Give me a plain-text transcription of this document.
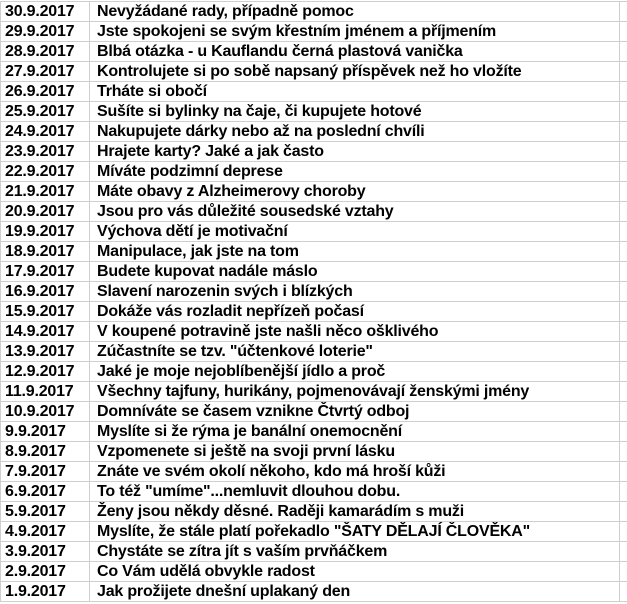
30.9.2017	Nevyžádané rady, případně pomoc
29.9.2017	Jste spokojeni se svým křestním jménem a příjmením
28.9.2017	Blbá otázka - u Kauflandu černá plastová vanička
27.9.2017	Kontrolujete si po sobě napsaný příspěvek než ho vložíte
26.9.2017	Trháte si obočí
25.9.2017	Sušíte si bylinky na čaje, či kupujete hotové
24.9.2017	Nakupujete dárky nebo až na poslední chvíli
23.9.2017	Hrajete karty? Jaké a jak často
22.9.2017	Míváte podzimní deprese
21.9.2017	Máte obavy z Alzheimerovy choroby
20.9.2017	Jsou pro vás důležité sousedské vztahy
19.9.2017	Výchova dětí je motivační
18.9.2017	Manipulace, jak jste na tom
17.9.2017	Budete kupovat nadále máslo
16.9.2017	Slavení narozenin svých i blízkých
15.9.2017	Dokáže vás rozladit nepřízeň počasí
14.9.2017	V koupené potravině jste našli něco ošklivého
13.9.2017	Zúčastníte se tzv. "účtenkové loterie"
12.9.2017	Jaké je moje nejoblíbenější jídlo a proč
11.9.2017	Všechny tajfuny, hurikány, pojmenovávají ženskými jmény
10.9.2017	Domníváte se časem vznikne Čtvrtý odboj
9.9.2017	Myslíte si že rýma je banální onemocnění
8.9.2017	Vzpomenete si ještě na svoji první lásku
7.9.2017	Znáte ve svém okolí někoho, kdo má hroší kůži
6.9.2017	To též "umíme"...nemluvit dlouhou dobu.
5.9.2017	Ženy jsou někdy děsné. Raději kamarádím s muži
4.9.2017	Myslíte, že stále platí pořekadlo "ŠATY DĚLAJÍ ČLOVĚKA"
3.9.2017	Chystáte se zítra jít s vaším prvňáčkem
2.9.2017	Co Vám udělá obvykle radost
1.9.2017	Jak prožijete dnešní uplakaný den
